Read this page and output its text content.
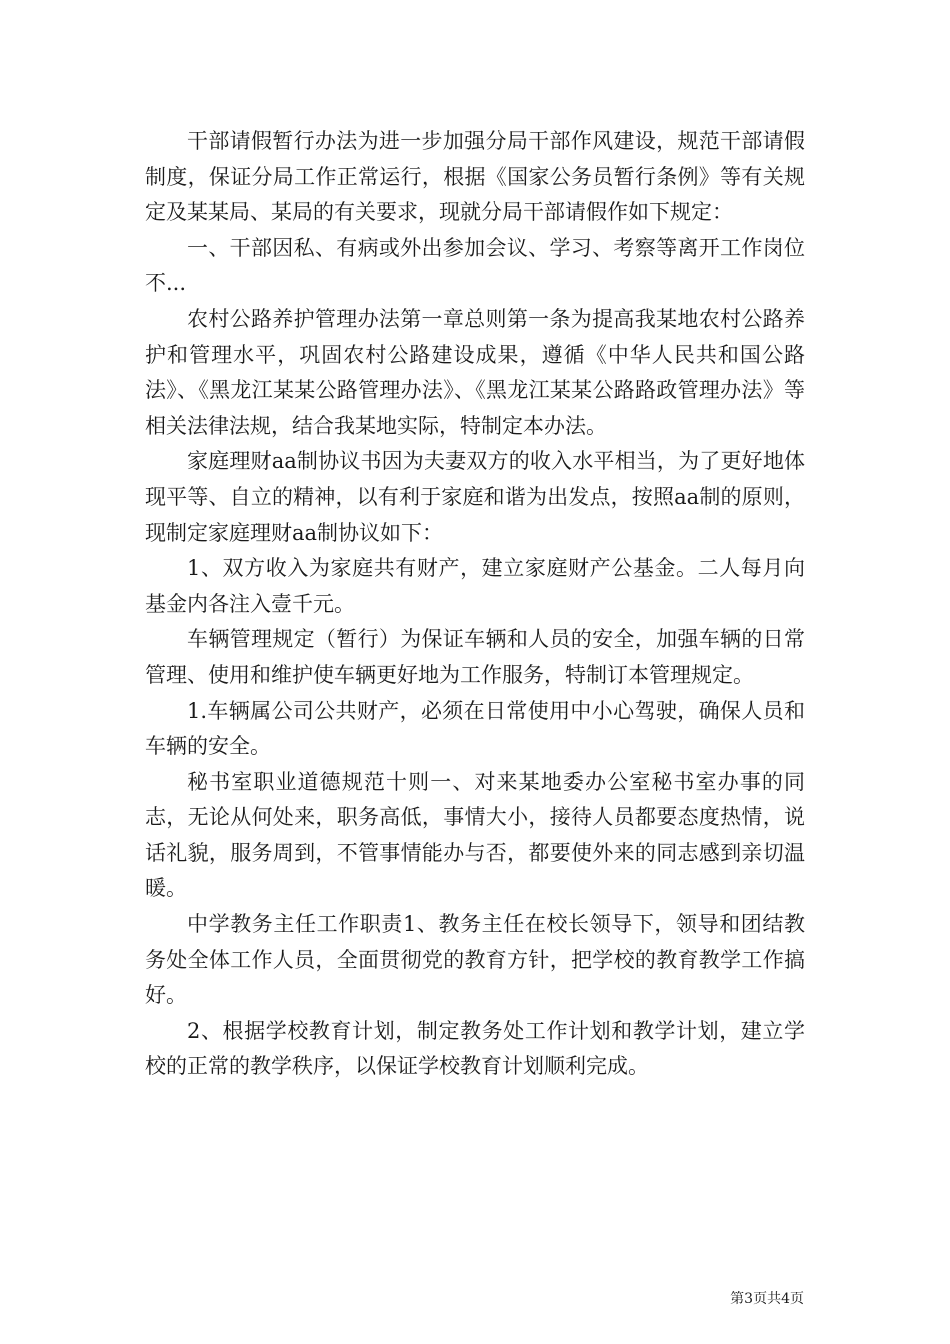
干部请假暂行办法为进一步加强分局干部作风建设，规范干部请假制度，保证分局工作正常运行，根据《国家公务员暂行条例》等有关规定及某某局、某局的有关要求，现就分局干部请假作如下规定：

一、干部因私、有病或外出参加会议、学习、考察等离开工作岗位不...

农村公路养护管理办法第一章总则第一条为提高我某地农村公路养护和管理水平，巩固农村公路建设成果，遵循《中华人民共和国公路法》、《黑龙江某某公路管理办法》、《黑龙江某某公路路政管理办法》等相关法律法规，结合我某地实际，特制定本办法。

家庭理财aa制协议书因为夫妻双方的收入水平相当，为了更好地体现平等、自立的精神，以有利于家庭和谐为出发点，按照aa制的原则，现制定家庭理财aa制协议如下：

1、双方收入为家庭共有财产，建立家庭财产公基金。二人每月向基金内各注入壹千元。

车辆管理规定（暂行）为保证车辆和人员的安全，加强车辆的日常管理、使用和维护使车辆更好地为工作服务，特制订本管理规定。

1.车辆属公司公共财产，必须在日常使用中小心驾驶，确保人员和车辆的安全。

秘书室职业道德规范十则一、对来某地委办公室秘书室办事的同志，无论从何处来，职务高低，事情大小，接待人员都要态度热情，说话礼貌，服务周到，不管事情能办与否，都要使外来的同志感到亲切温暖。

中学教务主任工作职责1、教务主任在校长领导下，领导和团结教务处全体工作人员，全面贯彻党的教育方针，把学校的教育教学工作搞好。

2、根据学校教育计划，制定教务处工作计划和教学计划，建立学校的正常的教学秩序，以保证学校教育计划顺利完成。

第3页共4页
